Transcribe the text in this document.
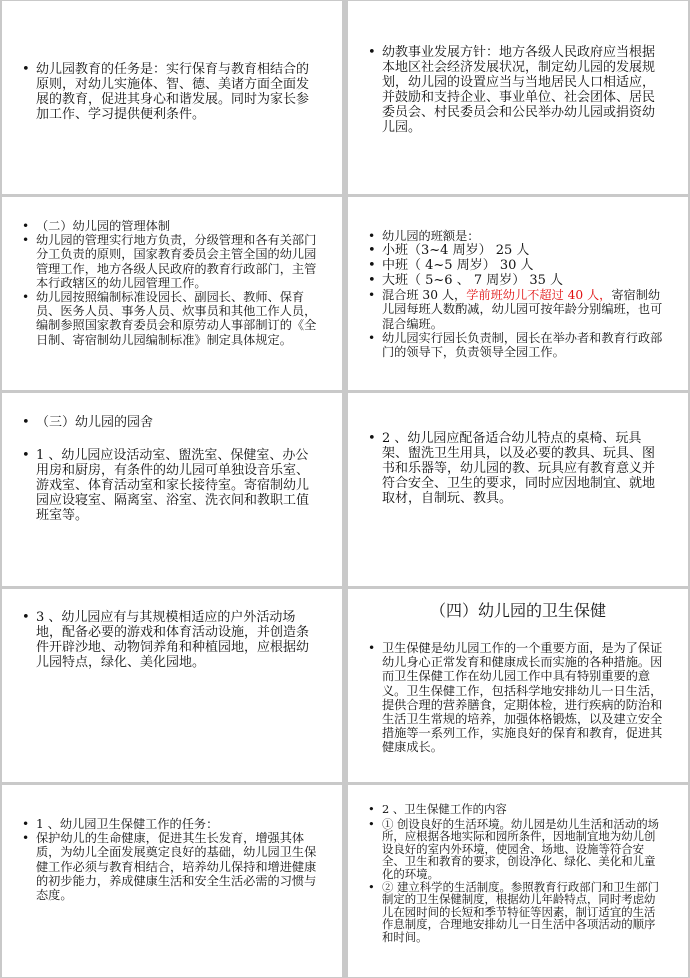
• 幼儿园教育的任务是：实行保育与教育相结合的原则，对幼儿实施体、智、德、美诸方面全面发展的教育，促进其身心和谐发展。同时为家长参加工作、学习提供便利条件。
• 幼教事业发展方针：地方各级人民政府应当根据本地区社会经济发展状况，制定幼儿园的发展规划，幼儿园的设置应当与当地居民人口相适应，并鼓励和支持企业、事业单位、社会团体、居民委员会、村民委员会和公民举办幼儿园或捐资幼儿园。
• （二）幼儿园的管理体制
• 幼儿园的管理实行地方负责，分级管理和各有关部门分工负责的原则，国家教育委员会主管全国的幼儿园管理工作，地方各级人民政府的教育行政部门，主管本行政辖区的幼儿园管理工作。
• 幼儿园按照编制标准设园长、副园长、教师、保育员、医务人员、事务人员、炊事员和其他工作人员，编制参照国家教育委员会和原劳动人事部制订的《全日制、寄宿制幼儿园编制标准》制定具体规定。
• 幼儿园的班额是：
• 小班（3~4 周岁） 25 人
• 中班（ 4~5 周岁） 30 人
• 大班（ 5~6 、 7 周岁） 35 人
• 混合班 30 人，学前班幼儿不超过 40 人，寄宿制幼儿园每班人数酌减，幼儿园可按年龄分别编班，也可混合编班。
• 幼儿园实行园长负责制，园长在举办者和教育行政部门的领导下，负责领导全园工作。
• （三）幼儿园的园舍
• 1 、幼儿园应设活动室、盥洗室、保健室、办公用房和厨房，有条件的幼儿园可单独设音乐室、游戏室、体育活动室和家长接待室。寄宿制幼儿园应设寝室、隔离室、浴室、洗衣间和教职工值班室等。
• 2 、幼儿园应配备适合幼儿特点的桌椅、玩具架、盥洗卫生用具，以及必要的教具、玩具、图书和乐器等，幼儿园的教、玩具应有教育意义并符合安全、卫生的要求，同时应因地制宜、就地取材，自制玩、教具。
• 3 、幼儿园应有与其规模相适应的户外活动场地，配备必要的游戏和体育活动设施，并创造条件开辟沙地、动物饲养角和种植园地，应根据幼儿园特点，绿化、美化园地。
（四）幼儿园的卫生保健
• 卫生保健是幼儿园工作的一个重要方面，是为了保证幼儿身心正常发育和健康成长而实施的各种措施。因而卫生保健工作在幼儿园工作中具有特别重要的意义。卫生保健工作，包括科学地安排幼儿一日生活，提供合理的营养膳食，定期体检，进行疾病的防治和生活卫生常规的培养，加强体格锻炼，以及建立安全措施等一系列工作，实施良好的保育和教育，促进其健康成长。
• 1 、幼儿园卫生保健工作的任务：
• 保护幼儿的生命健康，促进其生长发育，增强其体质，为幼儿全面发展奠定良好的基础，幼儿园卫生保健工作必须与教育相结合，培养幼儿保持和增进健康的初步能力，养成健康生活和安全生活必需的习惯与态度。
• 2 、卫生保健工作的内容
• ① 创设良好的生活环境。幼儿园是幼儿生活和活动的场所，应根据各地实际和园所条件，因地制宜地为幼儿创设良好的室内外环境，使园舍、场地、设施等符合安全、卫生和教育的要求，创设净化、绿化、美化和儿童化的环境。
• ② 建立科学的生活制度。参照教育行政部门和卫生部门制定的卫生保健制度，根据幼儿年龄特点，同时考虑幼儿在园时间的长短和季节特征等因素，制订适宜的生活作息制度，合理地安排幼儿一日生活中各项活动的顺序和时间。
